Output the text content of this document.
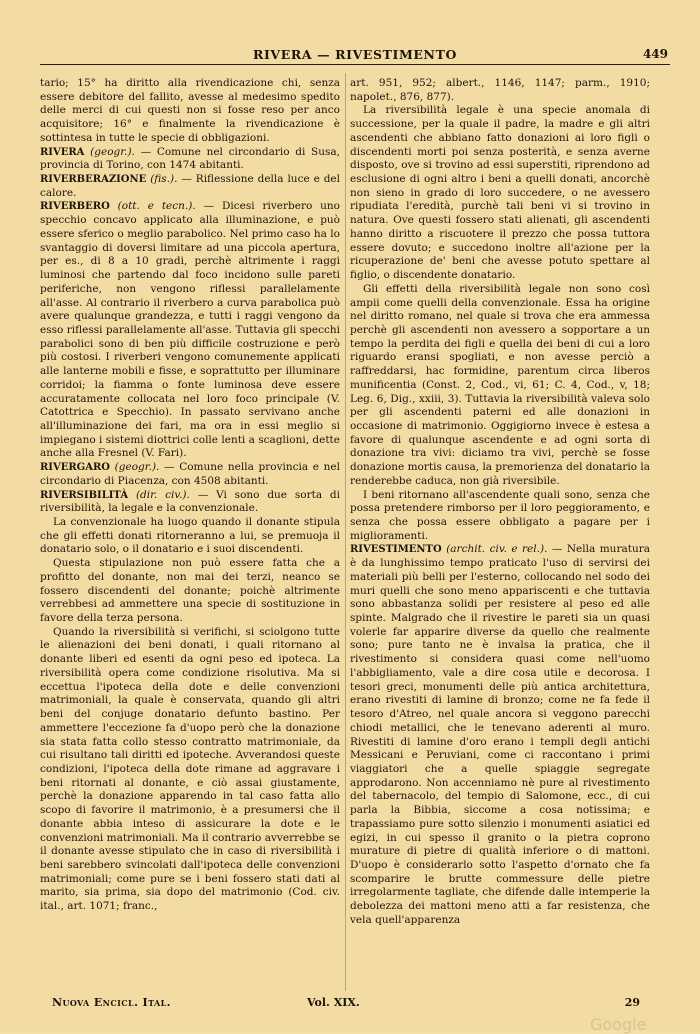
RIVERA — RIVESTIMENTO	449

tario; 15° ha diritto alla rivendicazione chi, senza essere debitore del fallito, avesse al medesimo spedito delle merci di cui questi non si fosse reso per anco acquisitore; 16° e finalmente la rivendicazione è sottintesa in tutte le specie di obbligazioni.

RIVERA (geogr.). — Comune nel circondario di Susa, provincia di Torino, con 1474 abitanti.

RIVERBERAZIONE (fis.). — Riflessione della luce e del calore.

RIVERBERO (ott. e tecn.). — Dicesi riverbero uno specchio concavo applicato alla illuminazione, e può essere sferico o meglio parabolico. Nel primo caso ha lo svantaggio di doversi limitare ad una piccola apertura, per es., di 8 a 10 gradi, perchè altrimente i raggi luminosi che partendo dal foco incidono sulle pareti periferiche, non vengono riflessi parallelamente all'asse. Al contrario il riverbero a curva parabolica può avere qualunque grandezza, e tutti i raggi vengono da esso riflessi parallelamente all'asse. Tuttavia gli specchi parabolici sono di ben più difficile costruzione e però più costosi. I riverberi vengono comunemente applicati alle lanterne mobili e fisse, e soprattutto per illuminare corridoi; la fiamma o fonte luminosa deve essere accuratamente collocata nel loro foco principale (V. Catottrica e Specchio). In passato servivano anche all'illuminazione dei fari, ma ora in essi meglio si impiegano i sistemi diottrici colle lenti a scaglioni, dette anche alla Fresnel (V. Fari).

RIVERGARO (geogr.). — Comune nella provincia e nel circondario di Piacenza, con 4508 abitanti.

RIVERSIBILITÀ (dir. civ.). — Vi sono due sorta di riversibilità, la legale e la convenzionale.

La convenzionale ha luogo quando il donante stipula che gli effetti donati ritorneranno a lui, se premuoja il donatario solo, o il donatario e i suoi discendenti.

Questa stipulazione non può essere fatta che a profitto del donante, non mai dei terzi, neanco se fossero discendenti del donante; poichè altrimente verrebbesi ad ammettere una specie di sostituzione in favore della terza persona.

Quando la riversibilità si verifichi, si sciolgono tutte le alienazioni dei beni donati, i quali ritornano al donante liberi ed esenti da ogni peso ed ipoteca. La riversibilità opera come condizione risolutiva. Ma si eccettua l'ipoteca della dote e delle convenzioni matrimoniali, la quale è conservata, quando gli altri beni del conjuge donatario defunto bastino. Per ammettere l'eccezione fa d'uopo però che la donazione sia stata fatta collo stesso contratto matrimoniale, da cui risultano tali diritti ed ipoteche. Avverandosi queste condizioni, l'ipoteca della dote rimane ad aggravare i beni ritornati al donante, e ciò assai giustamente, perchè la donazione apparendo in tal caso fatta allo scopo di favorire il matrimonio, è a presumersi che il donante abbia inteso di assicurare la dote e le convenzioni matrimoniali. Ma il contrario avverrebbe se il donante avesse stipulato che in caso di riversibilità i beni sarebbero svincolati dall'ipoteca delle convenzioni matrimoniali; come pure se i beni fossero stati dati al marito, sia prima, sia dopo del matrimonio (Cod. civ. ital., art. 1071; franc.,

art. 951, 952; albert., 1146, 1147; parm., 1910; napolet., 876, 877).

La riversibilità legale è una specie anomala di successione, per la quale il padre, la madre e gli altri ascendenti che abbiano fatto donazioni ai loro figli o discendenti morti poi senza posterità, e senza averne disposto, ove si trovino ad essi superstiti, riprendono ad esclusione di ogni altro i beni a quelli donati, ancorchè non sieno in grado di loro succedere, o ne avessero ripudiata l'eredità, purchè tali beni vi si trovino in natura. Ove questi fossero stati alienati, gli ascendenti hanno diritto a riscuotere il prezzo che possa tuttora essere dovuto; e succedono inoltre all'azione per la ricuperazione de' beni che avesse potuto spettare al figlio, o discendente donatario.

Gli effetti della riversibilità legale non sono così ampii come quelli della convenzionale. Essa ha origine nel diritto romano, nel quale si trova che era ammessa perchè gli ascendenti non avessero a sopportare a un tempo la perdita dei figli e quella dei beni di cui a loro riguardo eransi spogliati, e non avesse perciò a raffreddarsi, hac formidine, parentum circa liberos munificentia (Const. 2, Cod., vi, 61; C. 4, Cod., v, 18; Leg. 6, Dig., xxiii, 3). Tuttavia la riversibilità valeva solo per gli ascendenti paterni ed alle donazioni in occasione di matrimonio. Oggigiorno invece è estesa a favore di qualunque ascendente e ad ogni sorta di donazione tra vivi: diciamo tra vivi, perchè se fosse donazione mortis causa, la premorienza del donatario la renderebbe caduca, non già riversibile.

I beni ritornano all'ascendente quali sono, senza che possa pretendere rimborso per il loro peggioramento, e senza che possa essere obbligato a pagare per i miglioramenti.

RIVESTIMENTO (archit. civ. e rel.). — Nella muratura è da lunghissimo tempo praticato l'uso di servirsi dei materiali più belli per l'esterno, collocando nel sodo dei muri quelli che sono meno appariscenti e che tuttavia sono abbastanza solidi per resistere al peso ed alle spinte. Malgrado che il rivestire le pareti sia un quasi volerle far apparire diverse da quello che realmente sono; pure tanto ne è invalsa la pratica, che il rivestimento si considera quasi come nell'uomo l'abbigliamento, vale a dire cosa utile e decorosa. I tesori greci, monumenti delle più antica architettura, erano rivestiti di lamine di bronzo; come ne fa fede il tesoro d'Atreo, nel quale ancora si veggono parecchi chiodi metallici, che le tenevano aderenti al muro. Rivestiti di lamine d'oro erano i templi degli antichi Messicani e Peruviani, come ci raccontano i primi viaggiatori che a quelle spiaggie segregate approdarono. Non accenniamo nè pure al rivestimento del tabernacolo, del tempio di Salomone, ecc., di cui parla la Bibbia, siccome a cosa notissima; e trapassiamo pure sotto silenzio i monumenti asiatici ed egizi, in cui spesso il granito o la pietra coprono murature di pietre di qualità inferiore o di mattoni. D'uopo è considerarlo sotto l'aspetto d'ornato che fa scomparire le brutte commessure delle pietre irregolarmente tagliate, che difende dalle intemperie la debolezza dei mattoni meno atti a far resistenza, che vela quell'apparenza

Nuova Encicl. Ital.	Vol. XIX.	29
Google
